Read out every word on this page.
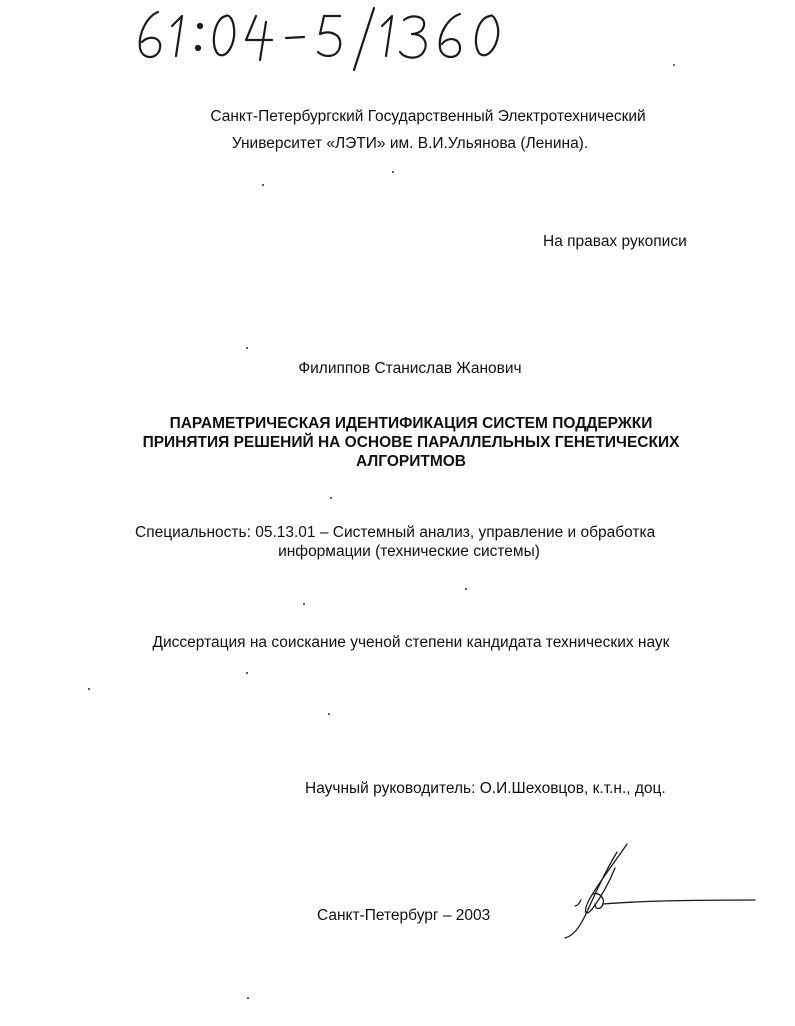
Санкт-Петербургский Государственный Электротехнический
Университет «ЛЭТИ» им. В.И.Ульянова (Ленина).
На правах рукописи
Филиппов Станислав Жанович
ПАРАМЕТРИЧЕСКАЯ ИДЕНТИФИКАЦИЯ СИСТЕМ ПОДДЕРЖКИ
ПРИНЯТИЯ РЕШЕНИЙ НА ОСНОВЕ ПАРАЛЛЕЛЬНЫХ ГЕНЕТИЧЕСКИХ
АЛГОРИТМОВ
Специальность: 05.13.01 – Системный анализ, управление и обработка
информации (технические системы)
Диссертация на соискание ученой степени кандидата технических наук
Научный руководитель: О.И.Шеховцов, к.т.н., доц.
Санкт-Петербург – 2003
